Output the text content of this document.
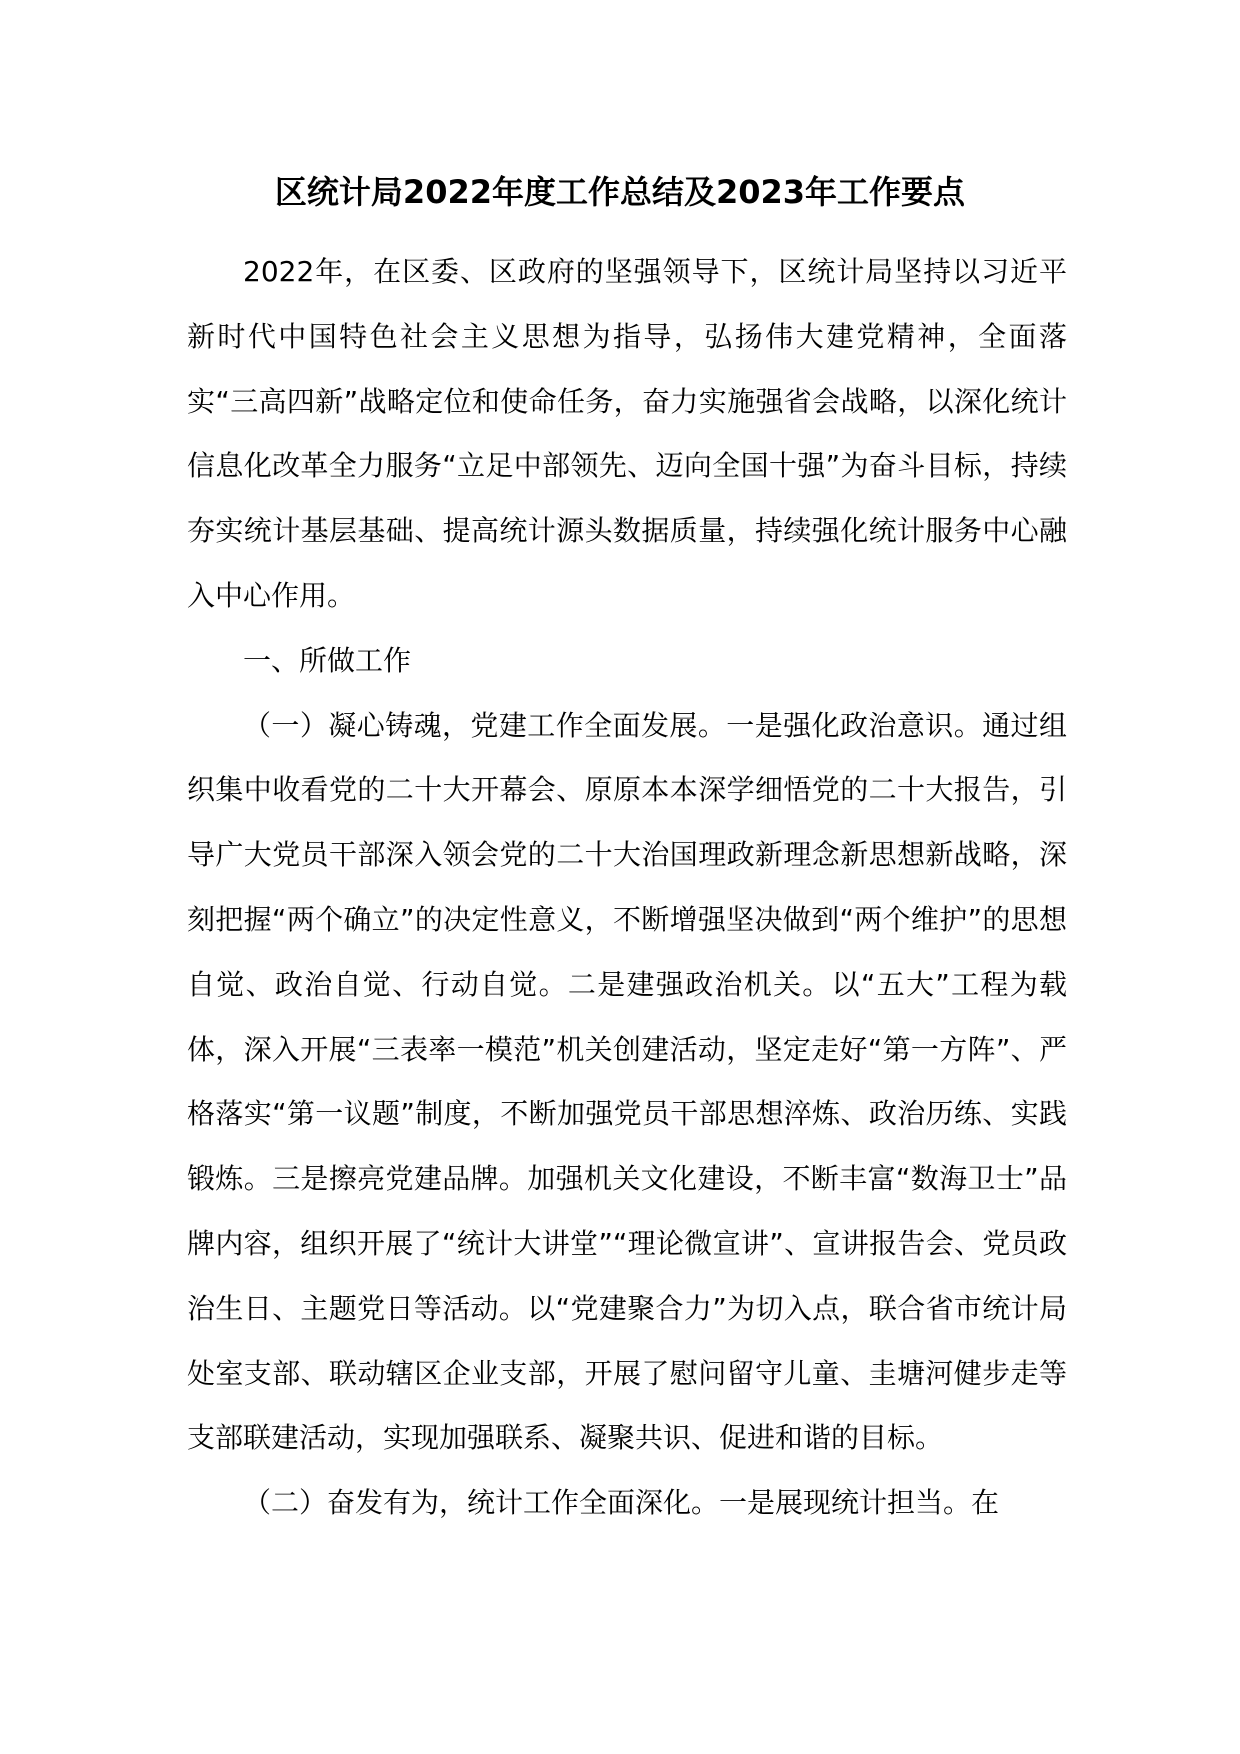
区统计局2022年度工作总结及2023年工作要点

2022年，在区委、区政府的坚强领导下，区统计局坚持以习近平新时代中国特色社会主义思想为指导，弘扬伟大建党精神，全面落实“三高四新”战略定位和使命任务，奋力实施强省会战略，以深化统计信息化改革全力服务“立足中部领先、迈向全国十强”为奋斗目标，持续夯实统计基层基础、提高统计源头数据质量，持续强化统计服务中心融入中心作用。

一、所做工作

（一）凝心铸魂，党建工作全面发展。一是强化政治意识。通过组织集中收看党的二十大开幕会、原原本本深学细悟党的二十大报告，引导广大党员干部深入领会党的二十大治国理政新理念新思想新战略，深刻把握“两个确立”的决定性意义，不断增强坚决做到“两个维护”的思想自觉、政治自觉、行动自觉。二是建强政治机关。以“五大”工程为载体，深入开展“三表率一模范”机关创建活动，坚定走好“第一方阵”、严格落实“第一议题”制度，不断加强党员干部思想淬炼、政治历练、实践锻炼。三是擦亮党建品牌。加强机关文化建设，不断丰富“数海卫士”品牌内容，组织开展了“统计大讲堂”“理论微宣讲”、宣讲报告会、党员政治生日、主题党日等活动。以“党建聚合力”为切入点，联合省市统计局处室支部、联动辖区企业支部，开展了慰问留守儿童、圭塘河健步走等支部联建活动，实现加强联系、凝聚共识、促进和谐的目标。

（二）奋发有为，统计工作全面深化。一是展现统计担当。在
